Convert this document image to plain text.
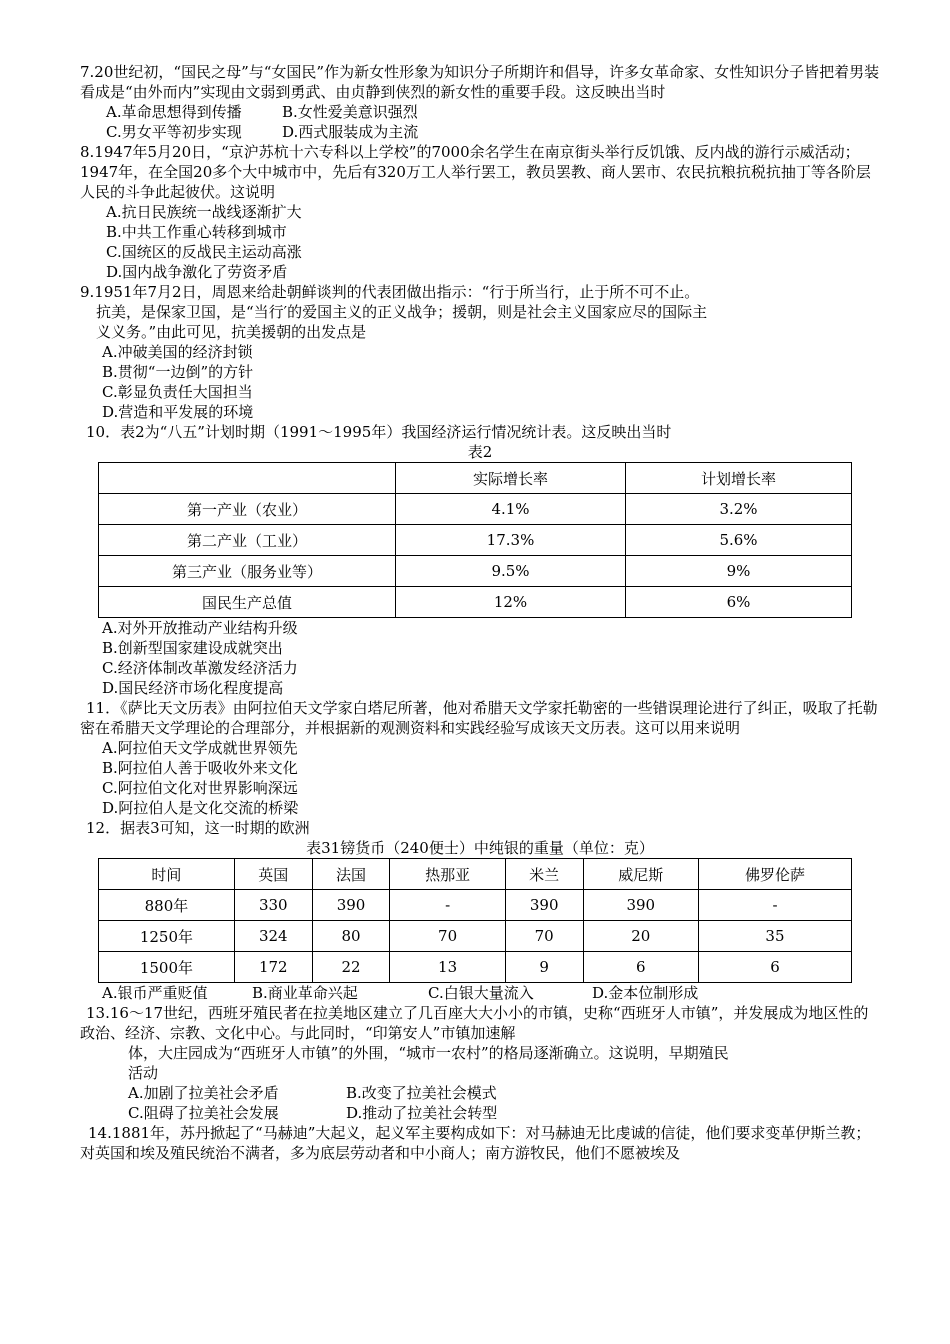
7.20世纪初，“国民之母”与“女国民”作为新女性形象为知识分子所期许和倡导，许多女革命家、女性知识分子皆把着男装看成是“由外而内”实现由文弱到勇武、由贞静到侠烈的新女性的重要手段。这反映出当时

A.革命思想得到传播	B.女性爱美意识强烈
C.男女平等初步实现	D.西式服装成为主流

8.1947年5月20日，“京沪苏杭十六专科以上学校”的7000余名学生在南京街头举行反饥饿、反内战的游行示威活动；1947年，在全国20多个大中城市中，先后有320万工人举行罢工，教员罢教、商人罢市、农民抗粮抗税抗抽丁等各阶层人民的斗争此起彼伏。这说明

A.抗日民族统一战线逐渐扩大

B.中共工作重心转移到城市

C.国统区的反战民主运动高涨

D.国内战争激化了劳资矛盾

9.1951年7月2日，周恩来给赴朝鲜谈判的代表团做出指示：“行于所当行，止于所不可不止。

抗美，是保家卫国，是“当行′的爱国主义的正义战争；援朝，则是社会主义国家应尽的国际主

义义务。”由此可见，抗美援朝的出发点是

A.冲破美国的经济封锁

B.贯彻“一边倒”的方针

C.彰显负责任大国担当

D.营造和平发展的环境

10．表2为“八五”计划时期（1991～1995年）我国经济运行情况统计表。这反映出当时

表2
	实际增长率	计划增长率
第一产业（农业）	4.1%	3.2%
第二产业（工业）	17.3%	5.6%
第三产业（服务业等）	9.5%	9%
国民生产总值	12%	6%

A.对外开放推动产业结构升级

B.创新型国家建设成就突出

C.经济体制改革激发经济活力

D.国民经济市场化程度提高

11．《萨比天文历表》由阿拉伯天文学家白塔尼所著，他对希腊天文学家托勒密的一些错误理论进行了纠正，吸取了托勒密在希腊天文学理论的合理部分，并根据新的观测资料和实践经验写成该天文历表。这可以用来说明

A.阿拉伯天文学成就世界领先

B.阿拉伯人善于吸收外来文化

C.阿拉伯文化对世界影响深远

D.阿拉伯人是文化交流的桥梁

12．据表3可知，这一时期的欧洲

表31镑货币（240便士）中纯银的重量（单位：克）
时间	英国	法国	热那亚	米兰	威尼斯	佛罗伦萨
880年	330	390	-	390	390	-
1250年	324	80	70	70	20	35
1500年	172	22	13	9	6	6
A.银币严重贬值	B.商业革命兴起	C.白银大量流入	D.金本位制形成

13.16～17世纪，西班牙殖民者在拉美地区建立了几百座大大小小的市镇，史称“西班牙人市镇”，并发展成为地区性的政治、经济、宗教、文化中心。与此同时，“印第安人”市镇加速解

体，大庄园成为“西班牙人市镇”的外围，“城市一农村”的格局逐渐确立。这说明，早期殖民

活动

A.加剧了拉美社会矛盾	B.改变了拉美社会模式
C.阻碍了拉美社会发展	D.推动了拉美社会转型

14.1881年，苏丹掀起了“马赫迪”大起义，起义军主要构成如下：对马赫迪无比虔诚的信徒，他们要求变革伊斯兰教；对英国和埃及殖民统治不满者，多为底层劳动者和中小商人；南方游牧民，他们不愿被埃及
